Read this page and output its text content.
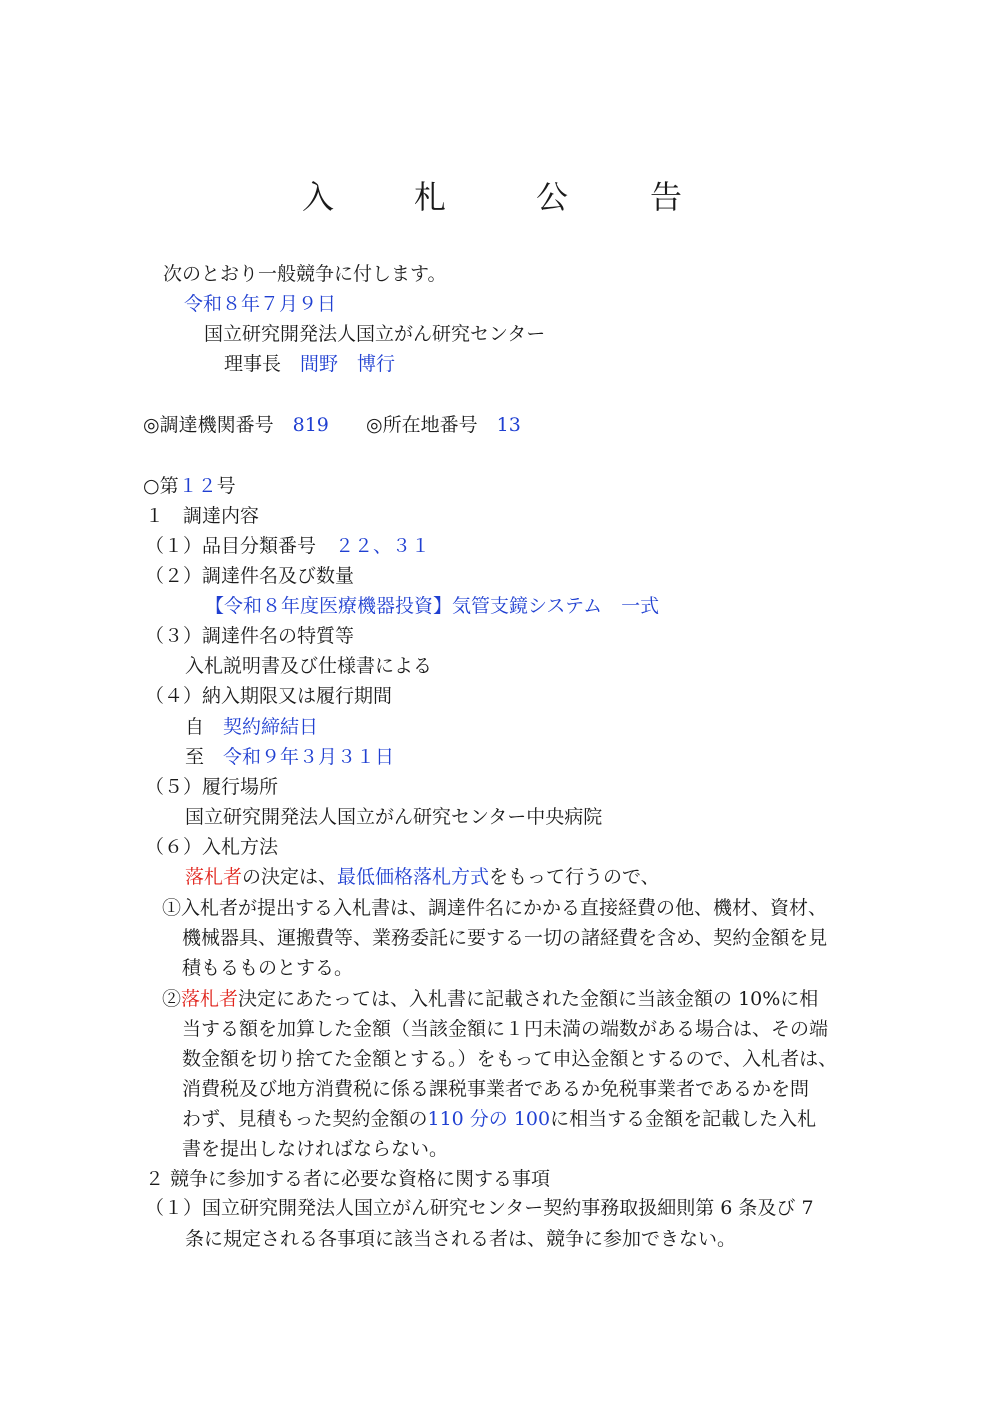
入 札	公	告
次のとおり一般競争に付します。
令和８年７月９日
国立研究開発法人国立がん研究センター
理事長　 間野　博行
◎調達機関番号　 819 ◎所在地番号　 13
○第１２号
１　調達内容
（１）品目分類番号　 ２２、３１
（２）調達件名及び数量
【令和８年度医療機器投資】気管支鏡システム　一式
（３）調達件名の特質等
入札説明書及び仕様書による
（４）納入期限又は履行期間
自　 契約締結日
至　 令和９年３月３１日
（５）履行場所
国立研究開発法人国立がん研究センター中央病院
（６）入札方法
落札者の決定は、最低価格落札方式をもって行うので、
①入札者が提出する入札書は、調達件名にかかる直接経費の他、機材、資材、
機械器具、運搬費等、業務委託に要する一切の諸経費を含め、契約金額を見
積もるものとする。
②落札者決定にあたっては、入札書に記載された金額に当該金額の 10%に相
当する額を加算した金額（当該金額に１円未満の端数がある場合は、その端
数金額を切り捨てた金額とする。）をもって申込金額とするので、入札者は、
消費税及び地方消費税に係る課税事業者であるか免税事業者であるかを問
わず、見積もった契約金額の110 分の 100に相当する金額を記載した入札
書を提出しなければならない。
２ 競争に参加する者に必要な資格に関する事項
（１）国立研究開発法人国立がん研究センター契約事務取扱細則第 6 条及び 7
条に規定される各事項に該当される者は、競争に参加できない。
